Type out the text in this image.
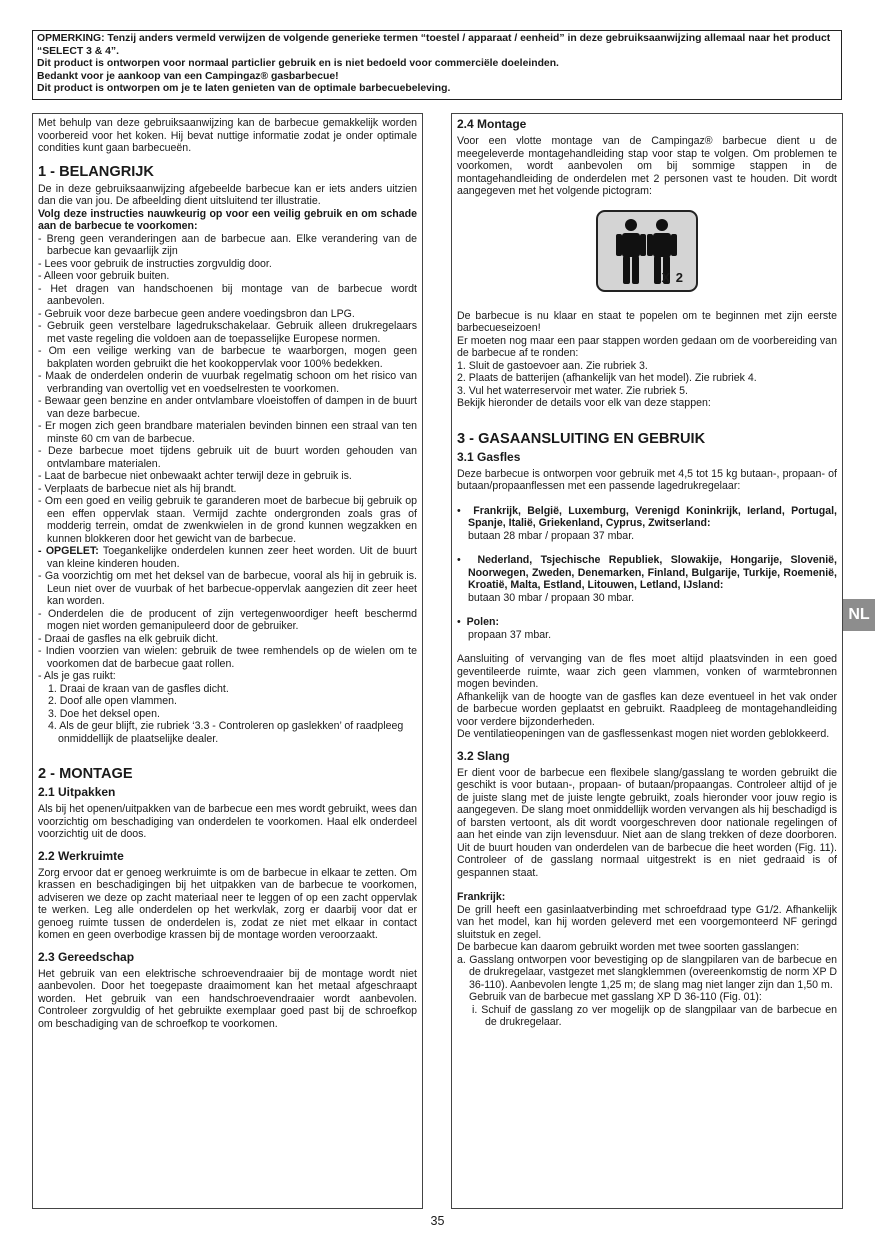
OPMERKING: Tenzij anders vermeld verwijzen de volgende generieke termen “toestel / apparaat / eenheid” in deze gebruiksaanwijzing allemaal naar het product “SELECT 3 & 4”.

Dit product is ontworpen voor normaal particlier gebruik en is niet bedoeld voor commerciële doeleinden.

Bedankt voor je aankoop van een Campingaz® gasbarbecue!

Dit product is ontworpen om je te laten genieten van de optimale barbecuebeleving.

Met behulp van deze gebruiksaanwijzing kan de barbecue gemakkelijk worden voorbereid voor het koken. Hij bevat nuttige informatie zodat je onder optimale condities kunt gaan barbecueën.

1 - BELANGRIJK

De in deze gebruiksaanwijzing afgebeelde barbecue kan er iets anders uitzien dan die van jou. De afbeelding dient uitsluitend ter illustratie.

Volg deze instructies nauwkeurig op voor een veilig gebruik en om schade aan de barbecue te voorkomen:

- Breng geen veranderingen aan de barbecue aan. Elke verandering van de barbecue kan gevaarlijk zijn

- Lees voor gebruik de instructies zorgvuldig door.

- Alleen voor gebruik buiten.

- Het dragen van handschoenen bij montage van de barbecue wordt aanbevolen.

- Gebruik voor deze barbecue geen andere voedingsbron dan LPG.

- Gebruik geen verstelbare lagedrukschakelaar. Gebruik alleen drukregelaars met vaste regeling die voldoen aan de toepasselijke Europese normen.

- Om een veilige werking van de barbecue te waarborgen, mogen geen bakplaten worden gebruikt die het kookoppervlak voor 100% bedekken.

- Maak de onderdelen onderin de vuurbak regelmatig schoon om het risico van verbranding van overtollig vet en voedselresten te voorkomen.

- Bewaar geen benzine en ander ontvlambare vloeistoffen of dampen in de buurt van deze barbecue.

- Er mogen zich geen brandbare materialen bevinden binnen een straal van ten minste 60 cm van de barbecue.

- Deze barbecue moet tijdens gebruik uit de buurt worden gehouden van ontvlambare materialen.

- Laat de barbecue niet onbewaakt achter terwijl deze in gebruik is.

- Verplaats de barbecue niet als hij brandt.

- Om een goed en veilig gebruik te garanderen moet de barbecue bij gebruik op een effen oppervlak staan. Vermijd zachte ondergronden zoals gras of modderig terrein, omdat de zwenkwielen in de grond kunnen wegzakken en kunnen blokkeren door het gewicht van de barbecue.

- OPGELET: Toegankelijke onderdelen kunnen zeer heet worden. Uit de buurt van kleine kinderen houden.

- Ga voorzichtig om met het deksel van de barbecue, vooral als hij in gebruik is. Leun niet over de vuurbak of het barbecue-oppervlak aangezien dit zeer heet kan worden.

- Onderdelen die de producent of zijn vertegenwoordiger heeft beschermd mogen niet worden gemanipuleerd door de gebruiker.

- Draai de gasfles na elk gebruik dicht.

- Indien voorzien van wielen: gebruik de twee remhendels op de wielen om te voorkomen dat de barbecue gaat rollen.

- Als je gas ruikt:

1. Draai de kraan van de gasfles dicht.

2. Doof alle open vlammen.

3. Doe het deksel open.

4. Als de geur blijft, zie rubriek ‘3.3 - Controleren op gaslekken’ of raadpleeg onmiddellijk de plaatselijke dealer.

2 - MONTAGE
2.1 Uitpakken

Als bij het openen/uitpakken van de barbecue een mes wordt gebruikt, wees dan voorzichtig om beschadiging van onderdelen te voorkomen. Haal elk onderdeel voorzichtig uit de doos.

2.2 Werkruimte

Zorg ervoor dat er genoeg werkruimte is om de barbecue in elkaar te zetten. Om krassen en beschadigingen bij het uitpakken van de barbecue te voorkomen, adviseren we deze op zacht materiaal neer te leggen of op een zacht oppervlak te werken. Leg alle onderdelen op het werkvlak, zorg er daarbij voor dat er genoeg ruimte tussen de onderdelen is, zodat ze niet met elkaar in contact komen en geen overbodige krassen bij de montage worden veroorzaakt.

2.3 Gereedschap

Het gebruik van een elektrische schroevendraaier bij de montage wordt niet aanbevolen. Door het toegepaste draaimoment kan het metaal afgeschraapt worden. Het gebruik van een handschroevendraaier wordt aanbevolen. Controleer zorgvuldig of het gebruikte exemplaar goed past bij de schroefkop om beschadiging van de schroefkop te voorkomen.

2.4 Montage

Voor een vlotte montage van de Campingaz® barbecue dient u de meegeleverde montagehandleiding stap voor stap te volgen. Om problemen te voorkomen, wordt aanbevolen om bij sommige stappen in de montagehandleiding de onderdelen met 2 personen vast te houden. Dit wordt aangegeven met het volgende pictogram:

X 2

De barbecue is nu klaar en staat te popelen om te beginnen met zijn eerste barbecueseizoen!

Er moeten nog maar een paar stappen worden gedaan om de voorbereiding van de barbecue af te ronden:

1. Sluit de gastoevoer aan. Zie rubriek 3.

2. Plaats de batterijen (afhankelijk van het model). Zie rubriek 4.

3. Vul het waterreservoir met water. Zie rubriek 5.

Bekijk hieronder de details voor elk van deze stappen:

3 - GASAANSLUITING EN GEBRUIK
3.1 Gasfles

Deze barbecue is ontworpen voor gebruik met 4,5 tot 15 kg butaan-, propaan- of butaan/propaanflessen met een passende lagedrukregelaar:

• Frankrijk, België, Luxemburg, Verenigd Koninkrijk, Ierland, Portugal, Spanje, Italië, Griekenland, Cyprus, Zwitserland:

butaan 28 mbar / propaan 37 mbar.

• Nederland, Tsjechische Republiek, Slowakije, Hongarije, Slovenië, Noorwegen, Zweden, Denemarken, Finland, Bulgarije, Turkije, Roemenië, Kroatië, Malta, Estland, Litouwen, Letland, IJsland:

butaan 30 mbar / propaan 30 mbar.

• Polen:

propaan 37 mbar.

Aansluiting of vervanging van de fles moet altijd plaatsvinden in een goed geventileerde ruimte, waar zich geen vlammen, vonken of warmtebronnen mogen bevinden.

Afhankelijk van de hoogte van de gasfles kan deze eventueel in het vak onder de barbecue worden geplaatst en gebruikt. Raadpleeg de montagehandleiding voor verdere bijzonderheden.

De ventilatieopeningen van de gasflessenkast mogen niet worden geblokkeerd.

3.2 Slang

Er dient voor de barbecue een flexibele slang/gasslang te worden gebruikt die geschikt is voor butaan-, propaan- of butaan/propaangas. Controleer altijd of je de juiste slang met de juiste lengte gebruikt, zoals hieronder voor jouw regio is aangegeven. De slang moet onmiddellijk worden vervangen als hij beschadigd is of barsten vertoont, als dit wordt voorgeschreven door nationale regelingen of aan het einde van zijn levensduur. Niet aan de slang trekken of deze doorboren. Uit de buurt houden van onderdelen van de barbecue die heet worden (Fig. 11). Controleer of de gasslang normaal uitgestrekt is en niet gedraaid is of gespannen staat.

Frankrijk:

De grill heeft een gasinlaatverbinding met schroefdraad type G1/2. Afhankelijk van het model, kan hij worden geleverd met een voorgemonteerd NF geringd sluitstuk en zegel.

De barbecue kan daarom gebruikt worden met twee soorten gasslangen:

a. Gasslang ontworpen voor bevestiging op de slangpilaren van de barbecue en de drukregelaar, vastgezet met slangklemmen (overeenkomstig de norm XP D 36-110). Aanbevolen lengte 1,25 m; de slang mag niet langer zijn dan 1,50 m.

Gebruik van de barbecue met gasslang XP D 36-110 (Fig. 01):

i. Schuif de gasslang zo ver mogelijk op de slangpilaar van de barbecue en de drukregelaar.

NL
35
